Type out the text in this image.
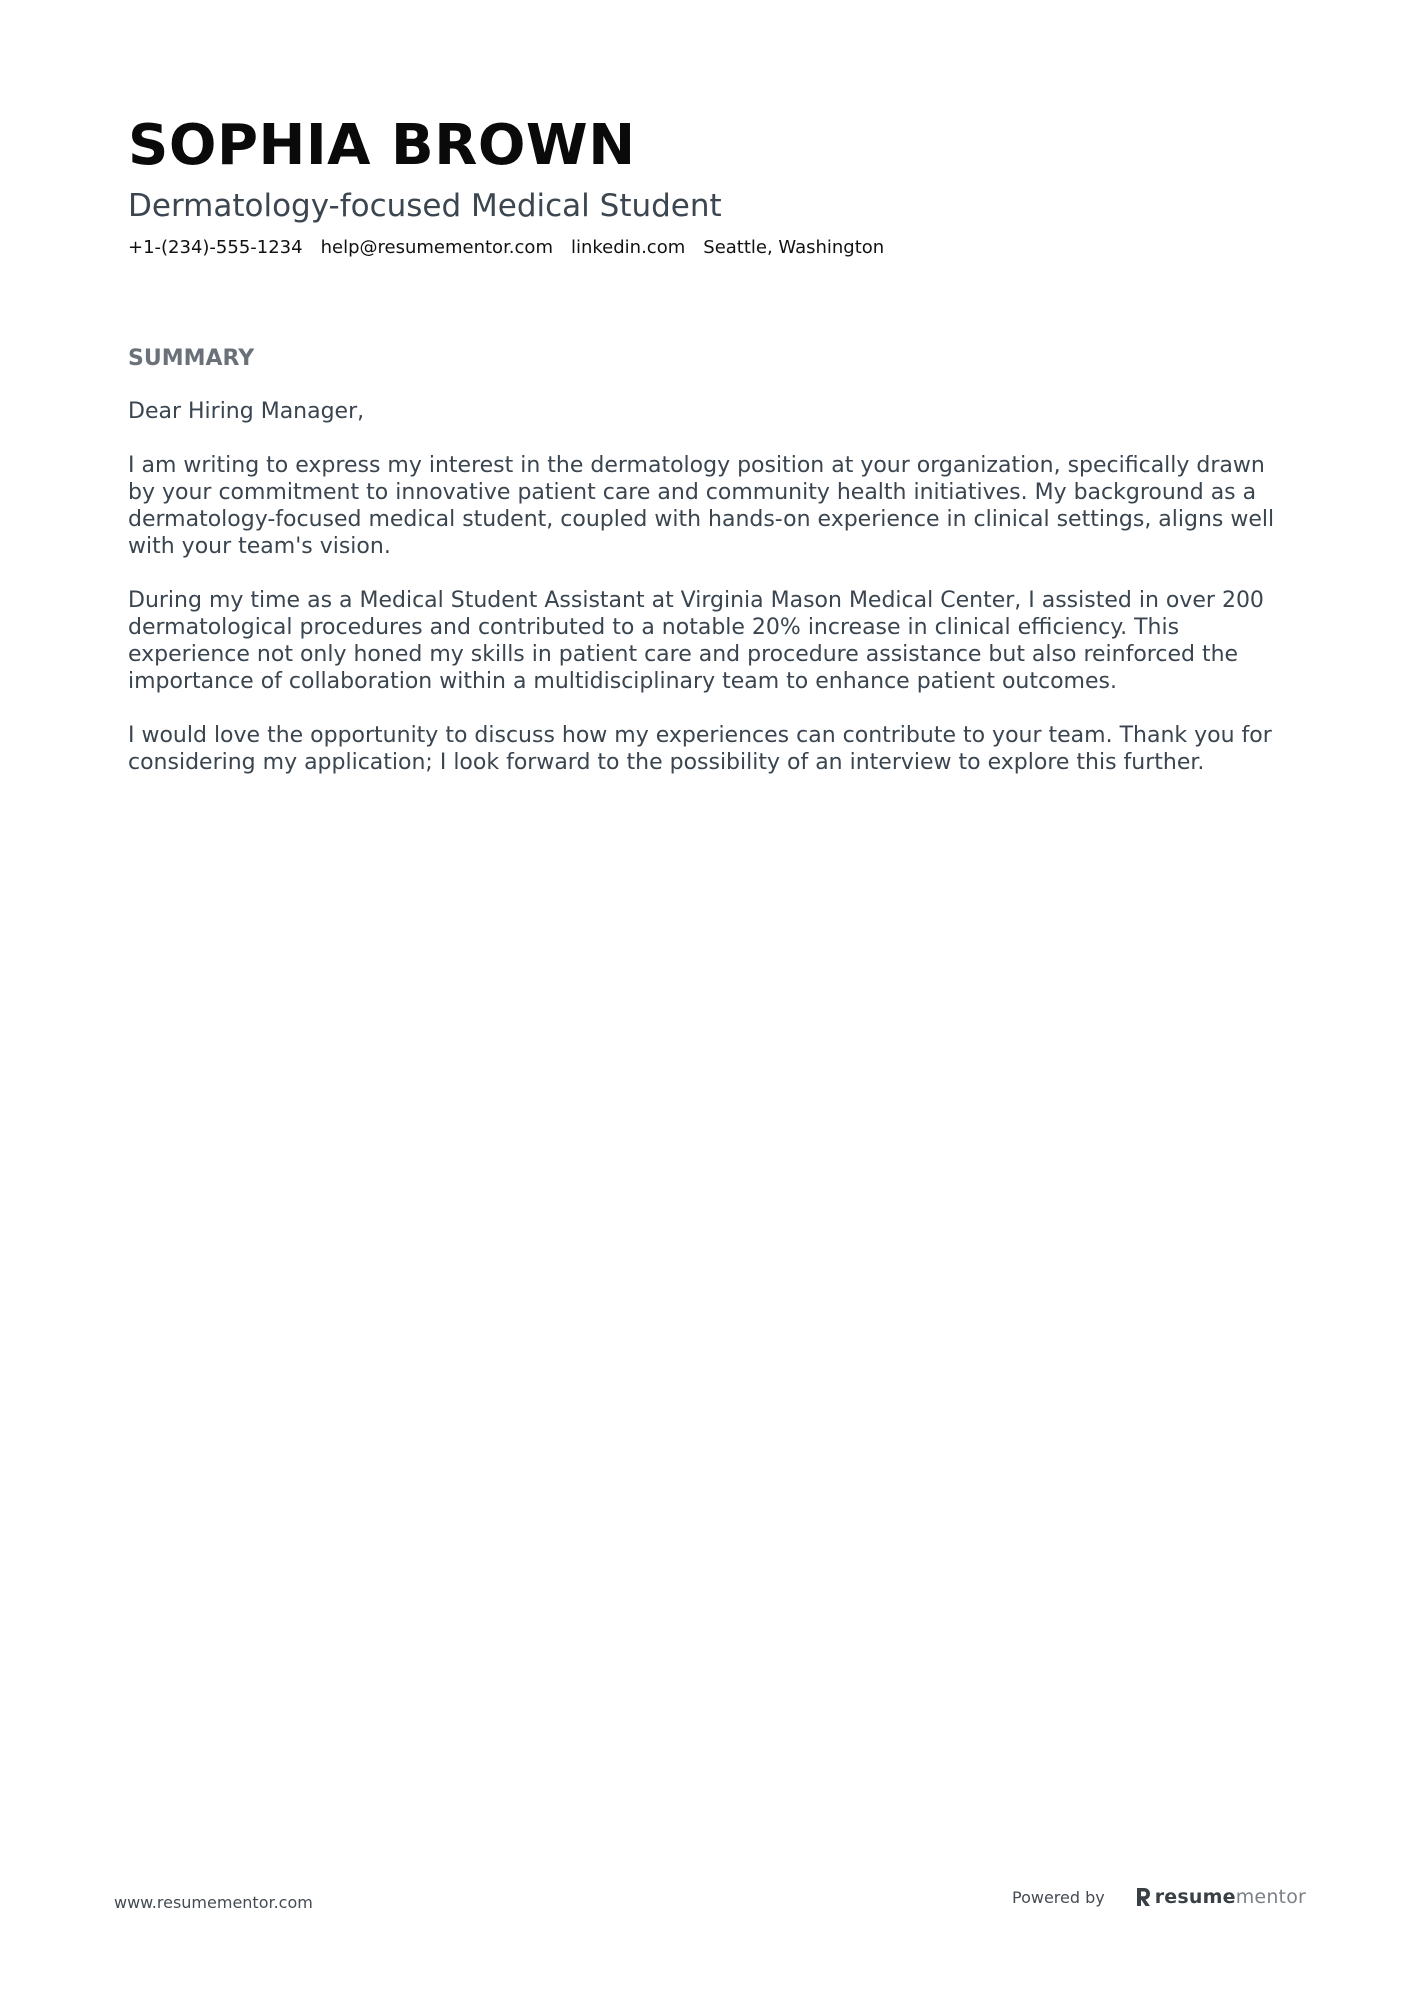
SOPHIA BROWN
Dermatology-focused Medical Student
+1-(234)-555-1234 help@resumementor.com linkedin.com Seattle, Washington
SUMMARY

Dear Hiring Manager,

I am writing to express my interest in the dermatology position at your organization, specifically drawn by your commitment to innovative patient care and community health initiatives. My background as a dermatology-focused medical student, coupled with hands-on experience in clinical settings, aligns well with your team's vision.

During my time as a Medical Student Assistant at Virginia Mason Medical Center, I assisted in over 200 dermatological procedures and contributed to a notable 20% increase in clinical efficiency. This experience not only honed my skills in patient care and procedure assistance but also reinforced the importance of collaboration within a multidisciplinary team to enhance patient outcomes.

I would love the opportunity to discuss how my experiences can contribute to your team. Thank you for considering my application; I look forward to the possibility of an interview to explore this further.

www.resumementor.com	Powered by	resumementor
